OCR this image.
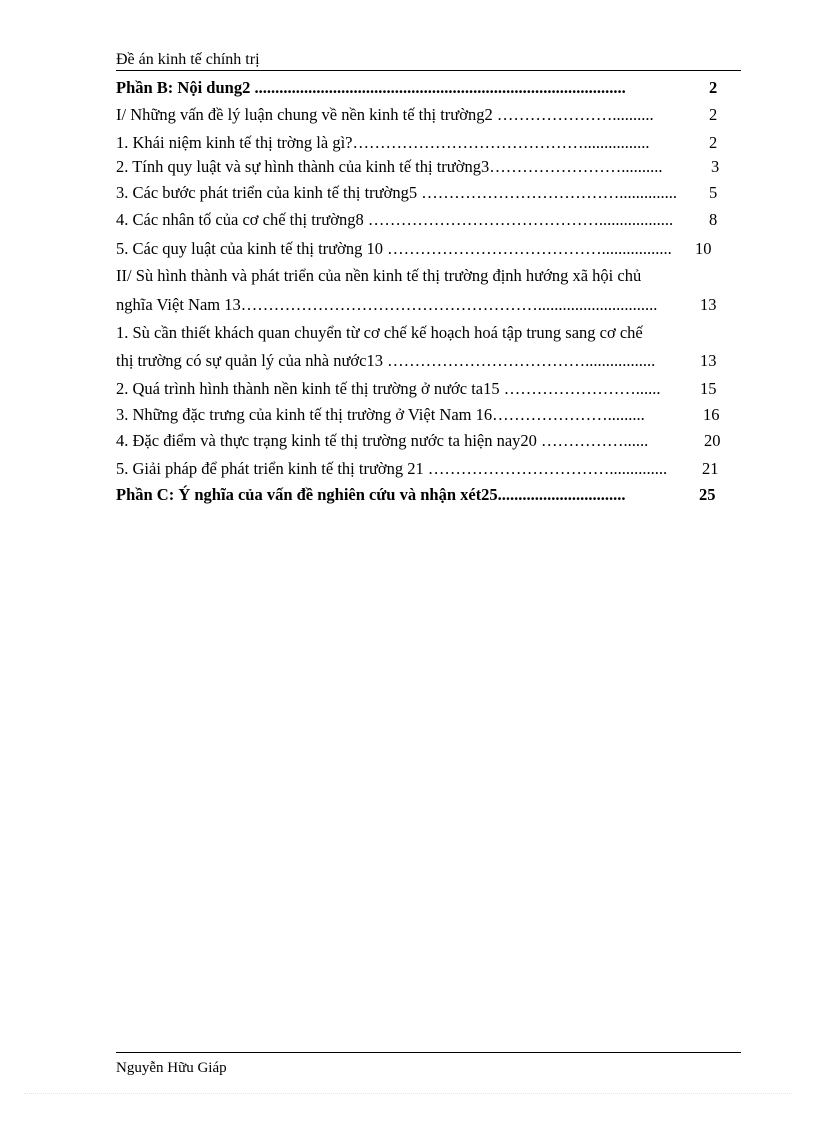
Đề án kinh tế chính trị
Phần B: Nội dung2 ..........................................................................................	2
I/ Những vấn đề lý luận chung về nền kinh tế thị trường2 …………………..........	2
1. Khái niệm kinh tế thị trờng là gì?……………………………………................	2
2. Tính quy luật và sự hình thành của kinh tế thị trường3……………………..........	3
3. Các bước phát triển của kinh tế thị trường5 ……………………………….............. 5
4. Các nhân tố của cơ chế thị trường8 …………………………………….................. 8
5. Các quy luật của kinh tế thị trường 10 …………………………………................. 10
II/ Sù hình thành và phát triển của nền kinh tế thị trường định hướng xã hội chủ
nghĩa Việt Nam 13……………………………………………….............................	13
1. Sù cần thiết khách quan chuyển từ cơ chế kế hoạch hoá tập trung sang cơ chế
thị trường có sự quản lý của nhà nước13 ……………………………….................	13
2. Quá trình hình thành nền kinh tế thị trường ở nước ta15 ……………………...... 15
3. Những đặc trưng của kinh tế thị trường ở Việt Nam 16………………….........	16
4. Đặc điểm và thực trạng kinh tế thị trường nước ta hiện nay20 ……………......	20
5. Giải pháp để phát triển kinh tế thị trường 21 …………………………….............. 21
Phần C: Ý nghĩa của vấn đề nghiên cứu và nhận xét25...............................	25
Nguyễn Hữu Giáp
